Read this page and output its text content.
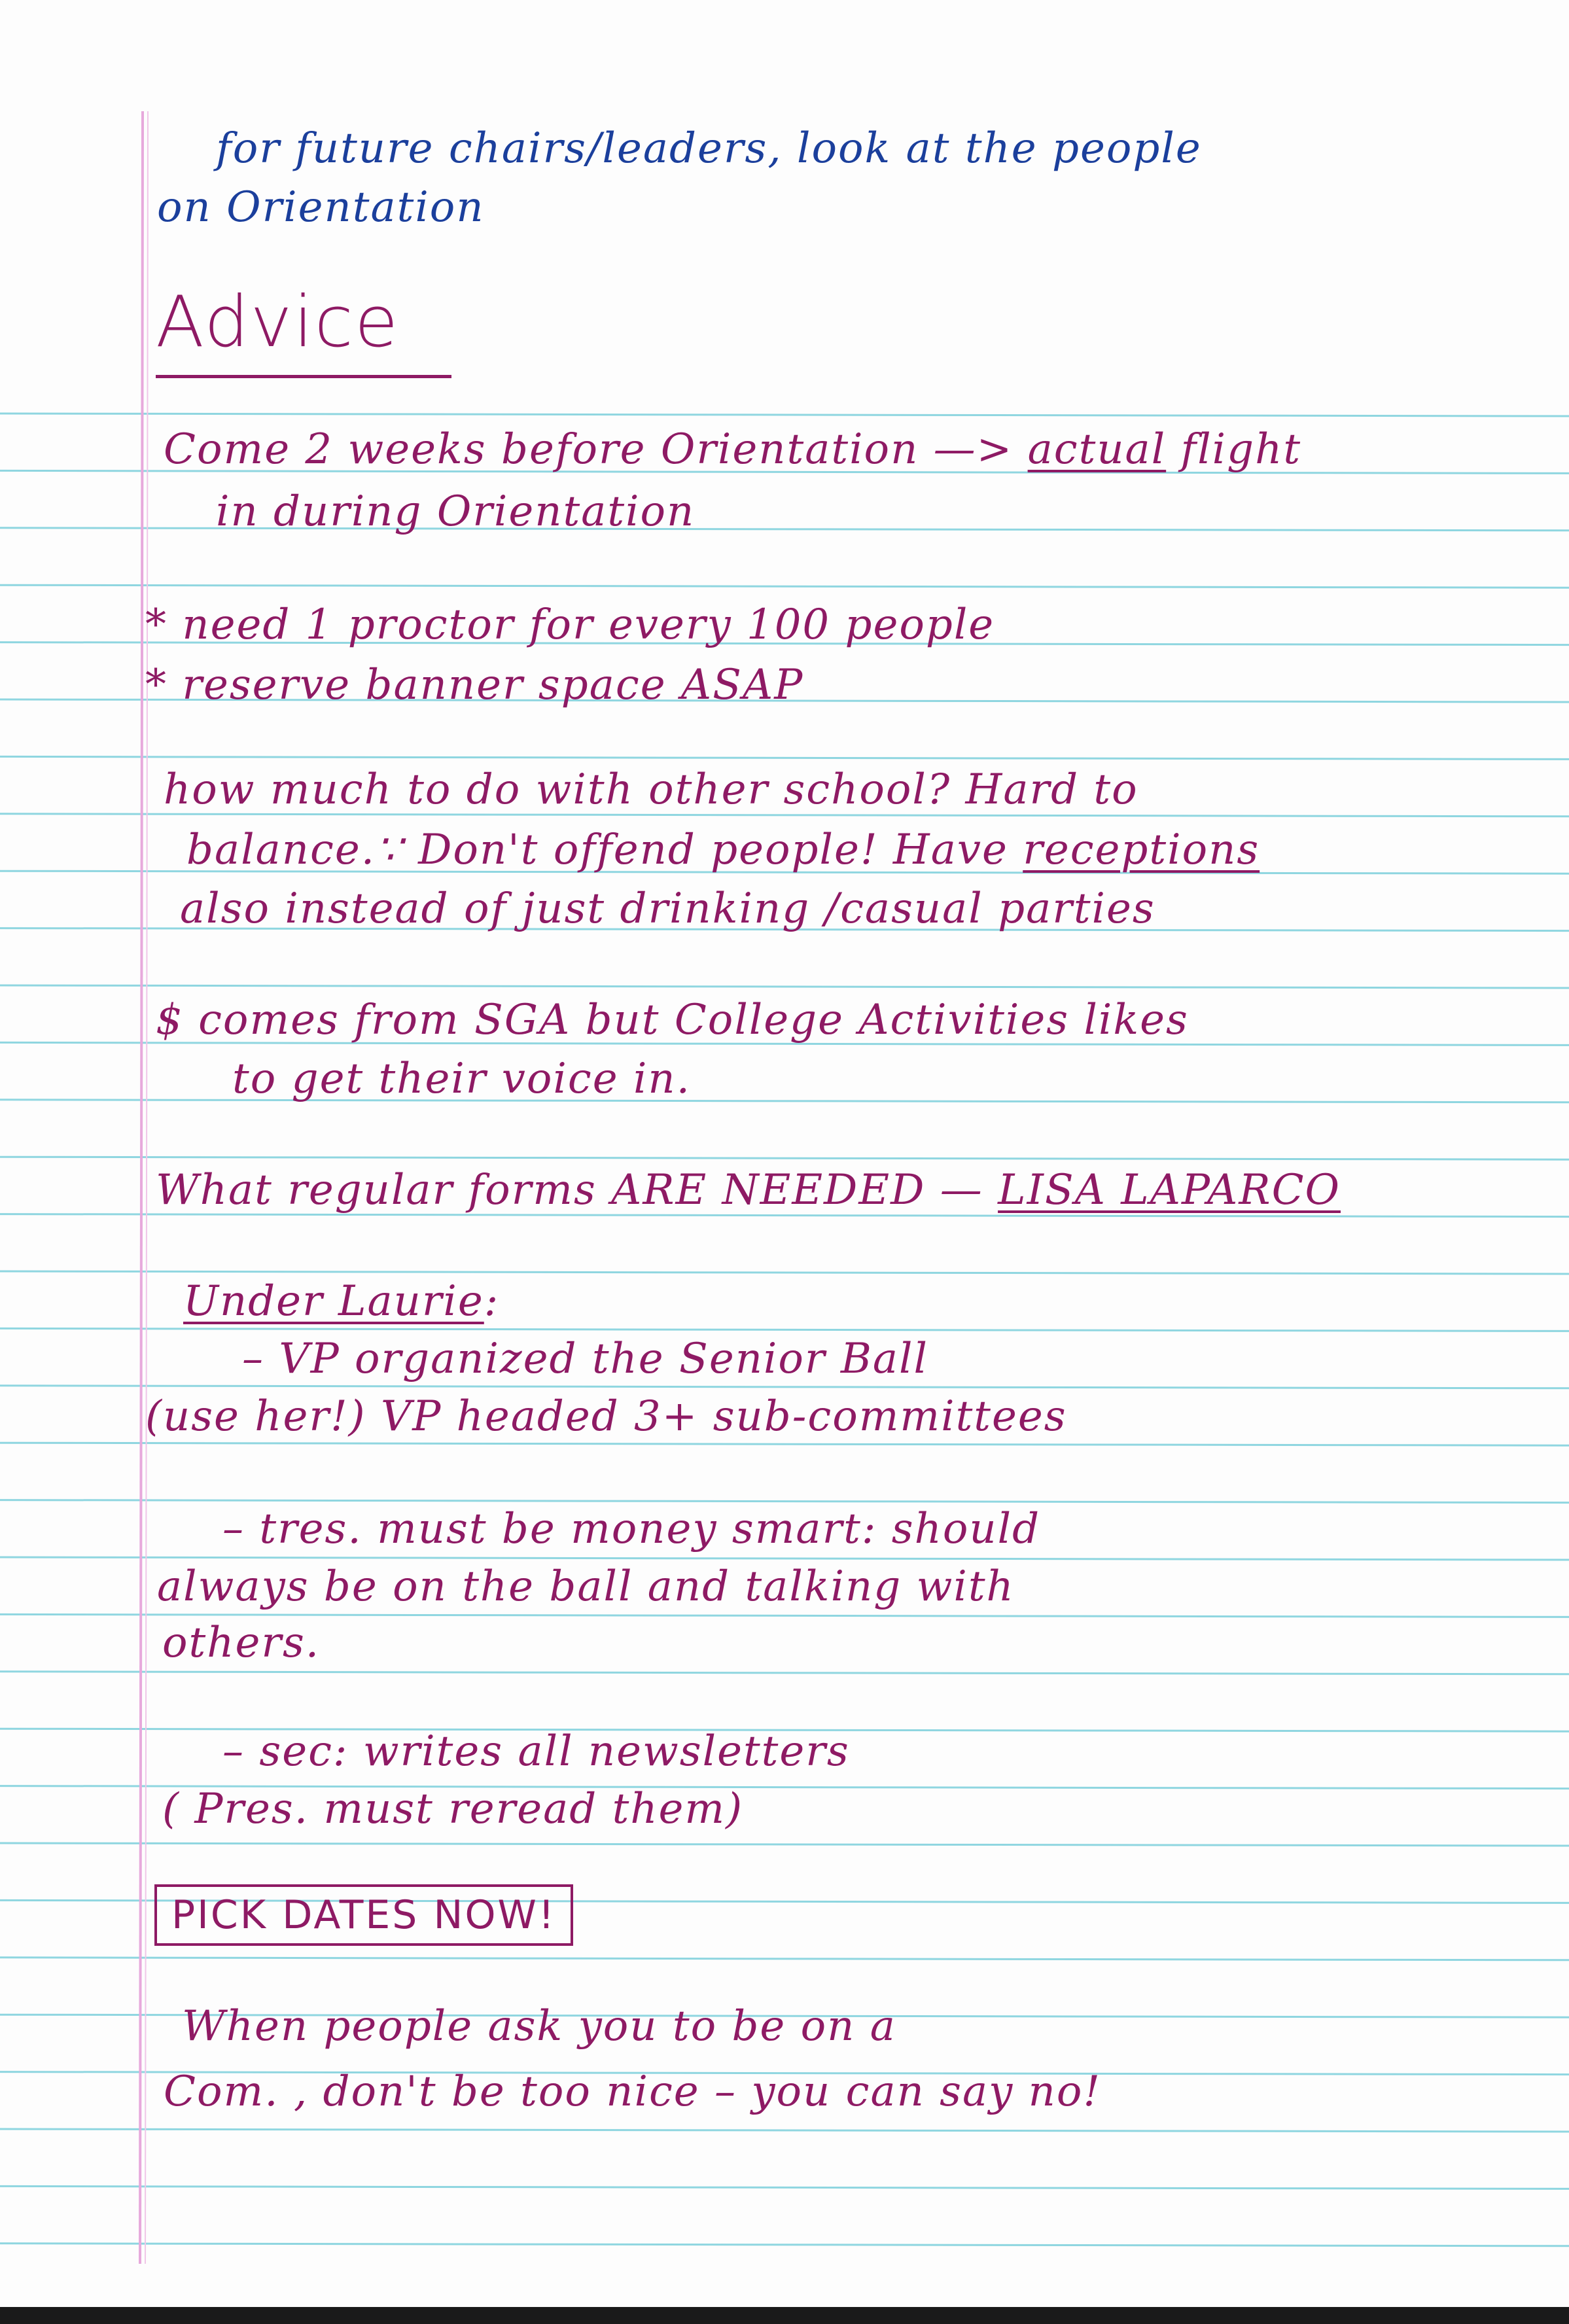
for future chairs/leaders, look at the people
on Orientation
Advice
Come 2 weeks before Orientation —> actual flight
in during Orientation
* need 1 proctor for every 100 people
* reserve banner space ASAP
how much to do with other school? Hard to
balance.∵ Don't offend people! Have receptions
also instead of just drinking /casual parties
$ comes from SGA but College Activities likes
to get their voice in.
What regular forms ARE NEEDED — LISA LAPARCO
Under Laurie:
– VP organized the Senior Ball
(use her!) VP headed 3+ sub-committees
– tres. must be money smart: should
always be on the ball and talking with
others.
– sec: writes all newsletters
( Pres. must reread them)
PICK DATES NOW!
When people ask you to be on a
Com. , don't be too nice – you can say no!
